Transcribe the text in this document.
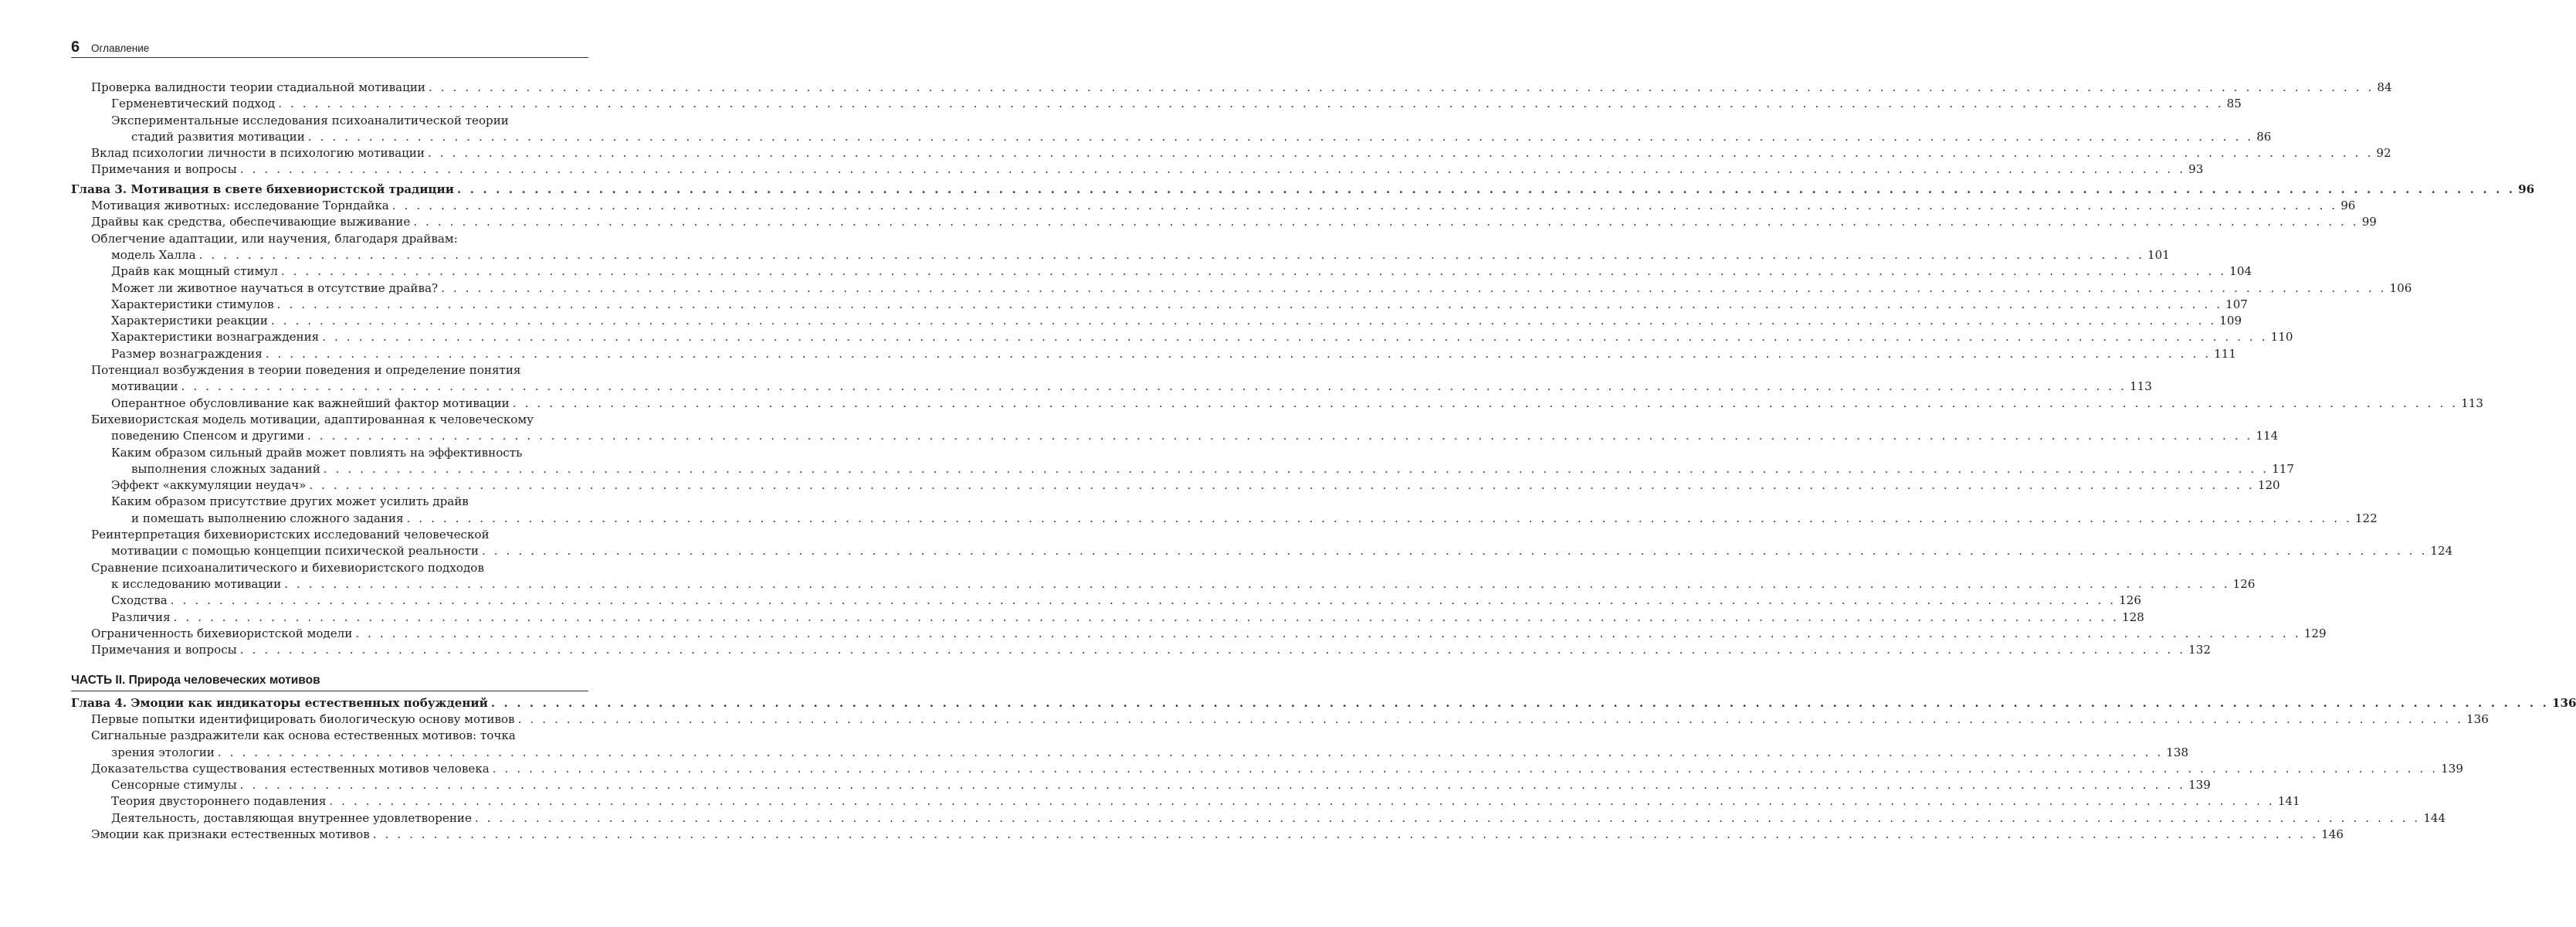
6 Оглавление
Проверка валидности теории стадиальной мотивации . . . . . . . . . . . . . . . . . . . . . . . . . . . . . . . . . . . . . . . . . . . . . . . . . . . . . . . . . . . . . . . . . . . . . . . . . . . . . . . . . . . . . . . . . . . . . . . . . . . . . . . . . . . . . . . . . . . . . . . . . . . . . . . . . . . . . . . . . . . . . . . . . . . . . . . . . . . . . . . . 84
Герменевтический подход . . . . . . . . . . . . . . . . . . . . . . . . . . . . . . . . . . . . . . . . . . . . . . . . . . . . . . . . . . . . . . . . . . . . . . . . . . . . . . . . . . . . . . . . . . . . . . . . . . . . . . . . . . . . . . . . . . . . . . . . . . . . . . . . . . . . . . . . . . . . . . . . . . . . . . . . . . . . . . . . 85
Экспериментальные исследования психоаналитической теории
стадий развития мотивации . . . . . . . . . . . . . . . . . . . . . . . . . . . . . . . . . . . . . . . . . . . . . . . . . . . . . . . . . . . . . . . . . . . . . . . . . . . . . . . . . . . . . . . . . . . . . . . . . . . . . . . . . . . . . . . . . . . . . . . . . . . . . . . . . . . . . . . . . . . . . . . . . . . . . . . . . . . . . . . . 86
Вклад психологии личности в психологию мотивации . . . . . . . . . . . . . . . . . . . . . . . . . . . . . . . . . . . . . . . . . . . . . . . . . . . . . . . . . . . . . . . . . . . . . . . . . . . . . . . . . . . . . . . . . . . . . . . . . . . . . . . . . . . . . . . . . . . . . . . . . . . . . . . . . . . . . . . . . . . . . . . . . . . . . . . . . . . . . . . . 92
Примечания и вопросы . . . . . . . . . . . . . . . . . . . . . . . . . . . . . . . . . . . . . . . . . . . . . . . . . . . . . . . . . . . . . . . . . . . . . . . . . . . . . . . . . . . . . . . . . . . . . . . . . . . . . . . . . . . . . . . . . . . . . . . . . . . . . . . . . . . . . . . . . . . . . . . . . . . . . . . . . . . . . . . . 93
Глава 3. Мотивация в свете бихевиористской традиции . . . . . . . . . . . . . . . . . . . . . . . . . . . . . . . . . . . . . . . . . . . . . . . . . . . . . . . . . . . . . . . . . . . . . . . . . . . . . . . . . . . . . . . . . . . . . . . . . . . . . . . . . . . . . . . . . . . . . . . . . . . . . . . . . . . . . . . . . . . . . . . . . . . . . . . . . . . . . . . . 96
Мотивация животных: исследование Торндайка . . . . . . . . . . . . . . . . . . . . . . . . . . . . . . . . . . . . . . . . . . . . . . . . . . . . . . . . . . . . . . . . . . . . . . . . . . . . . . . . . . . . . . . . . . . . . . . . . . . . . . . . . . . . . . . . . . . . . . . . . . . . . . . . . . . . . . . . . . . . . . . . . . . . . . . . . . . . . . . . 96
Драйвы как средства, обеспечивающие выживание . . . . . . . . . . . . . . . . . . . . . . . . . . . . . . . . . . . . . . . . . . . . . . . . . . . . . . . . . . . . . . . . . . . . . . . . . . . . . . . . . . . . . . . . . . . . . . . . . . . . . . . . . . . . . . . . . . . . . . . . . . . . . . . . . . . . . . . . . . . . . . . . . . . . . . . . . . . . . . . . 99
Облегчение адаптации, или научения, благодаря драйвам:
модель Халла . . . . . . . . . . . . . . . . . . . . . . . . . . . . . . . . . . . . . . . . . . . . . . . . . . . . . . . . . . . . . . . . . . . . . . . . . . . . . . . . . . . . . . . . . . . . . . . . . . . . . . . . . . . . . . . . . . . . . . . . . . . . . . . . . . . . . . . . . . . . . . . . . . . . . . . . . . . . . . . . 101
Драйв как мощный стимул . . . . . . . . . . . . . . . . . . . . . . . . . . . . . . . . . . . . . . . . . . . . . . . . . . . . . . . . . . . . . . . . . . . . . . . . . . . . . . . . . . . . . . . . . . . . . . . . . . . . . . . . . . . . . . . . . . . . . . . . . . . . . . . . . . . . . . . . . . . . . . . . . . . . . . . . . . . . . . . . 104
Может ли животное научаться в отсутствие драйва? . . . . . . . . . . . . . . . . . . . . . . . . . . . . . . . . . . . . . . . . . . . . . . . . . . . . . . . . . . . . . . . . . . . . . . . . . . . . . . . . . . . . . . . . . . . . . . . . . . . . . . . . . . . . . . . . . . . . . . . . . . . . . . . . . . . . . . . . . . . . . . . . . . . . . . . . . . . . . . . . 106
Характеристики стимулов . . . . . . . . . . . . . . . . . . . . . . . . . . . . . . . . . . . . . . . . . . . . . . . . . . . . . . . . . . . . . . . . . . . . . . . . . . . . . . . . . . . . . . . . . . . . . . . . . . . . . . . . . . . . . . . . . . . . . . . . . . . . . . . . . . . . . . . . . . . . . . . . . . . . . . . . . . . . . . . . 107
Характеристики реакции . . . . . . . . . . . . . . . . . . . . . . . . . . . . . . . . . . . . . . . . . . . . . . . . . . . . . . . . . . . . . . . . . . . . . . . . . . . . . . . . . . . . . . . . . . . . . . . . . . . . . . . . . . . . . . . . . . . . . . . . . . . . . . . . . . . . . . . . . . . . . . . . . . . . . . . . . . . . . . . . 109
Характеристики вознаграждения . . . . . . . . . . . . . . . . . . . . . . . . . . . . . . . . . . . . . . . . . . . . . . . . . . . . . . . . . . . . . . . . . . . . . . . . . . . . . . . . . . . . . . . . . . . . . . . . . . . . . . . . . . . . . . . . . . . . . . . . . . . . . . . . . . . . . . . . . . . . . . . . . . . . . . . . . . . . . . . . 110
Размер вознаграждения . . . . . . . . . . . . . . . . . . . . . . . . . . . . . . . . . . . . . . . . . . . . . . . . . . . . . . . . . . . . . . . . . . . . . . . . . . . . . . . . . . . . . . . . . . . . . . . . . . . . . . . . . . . . . . . . . . . . . . . . . . . . . . . . . . . . . . . . . . . . . . . . . . . . . . . . . . . . . . . . 111
Потенциал возбуждения в теории поведения и определение понятия
мотивации . . . . . . . . . . . . . . . . . . . . . . . . . . . . . . . . . . . . . . . . . . . . . . . . . . . . . . . . . . . . . . . . . . . . . . . . . . . . . . . . . . . . . . . . . . . . . . . . . . . . . . . . . . . . . . . . . . . . . . . . . . . . . . . . . . . . . . . . . . . . . . . . . . . . . . . . . . . . . . . . 113
Оперантное обусловливание как важнейший фактор мотивации . . . . . . . . . . . . . . . . . . . . . . . . . . . . . . . . . . . . . . . . . . . . . . . . . . . . . . . . . . . . . . . . . . . . . . . . . . . . . . . . . . . . . . . . . . . . . . . . . . . . . . . . . . . . . . . . . . . . . . . . . . . . . . . . . . . . . . . . . . . . . . . . . . . . . . . . . . . . . . . . 113
Бихевиористская модель мотивации, адаптированная к человеческому
поведению Спенсом и другими . . . . . . . . . . . . . . . . . . . . . . . . . . . . . . . . . . . . . . . . . . . . . . . . . . . . . . . . . . . . . . . . . . . . . . . . . . . . . . . . . . . . . . . . . . . . . . . . . . . . . . . . . . . . . . . . . . . . . . . . . . . . . . . . . . . . . . . . . . . . . . . . . . . . . . . . . . . . . . . . 114
Каким образом сильный драйв может повлиять на эффективность
выполнения сложных заданий . . . . . . . . . . . . . . . . . . . . . . . . . . . . . . . . . . . . . . . . . . . . . . . . . . . . . . . . . . . . . . . . . . . . . . . . . . . . . . . . . . . . . . . . . . . . . . . . . . . . . . . . . . . . . . . . . . . . . . . . . . . . . . . . . . . . . . . . . . . . . . . . . . . . . . . . . . . . . . . . 117
Эффект «аккумуляции неудач» . . . . . . . . . . . . . . . . . . . . . . . . . . . . . . . . . . . . . . . . . . . . . . . . . . . . . . . . . . . . . . . . . . . . . . . . . . . . . . . . . . . . . . . . . . . . . . . . . . . . . . . . . . . . . . . . . . . . . . . . . . . . . . . . . . . . . . . . . . . . . . . . . . . . . . . . . . . . . . . . 120
Каким образом присутствие других может усилить драйв
и помешать выполнению сложного задания . . . . . . . . . . . . . . . . . . . . . . . . . . . . . . . . . . . . . . . . . . . . . . . . . . . . . . . . . . . . . . . . . . . . . . . . . . . . . . . . . . . . . . . . . . . . . . . . . . . . . . . . . . . . . . . . . . . . . . . . . . . . . . . . . . . . . . . . . . . . . . . . . . . . . . . . . . . . . . . . 122
Реинтерпретация бихевиористских исследований человеческой
мотивации с помощью концепции психической реальности . . . . . . . . . . . . . . . . . . . . . . . . . . . . . . . . . . . . . . . . . . . . . . . . . . . . . . . . . . . . . . . . . . . . . . . . . . . . . . . . . . . . . . . . . . . . . . . . . . . . . . . . . . . . . . . . . . . . . . . . . . . . . . . . . . . . . . . . . . . . . . . . . . . . . . . . . . . . . . . . 124
Сравнение психоаналитического и бихевиористского подходов
к исследованию мотивации . . . . . . . . . . . . . . . . . . . . . . . . . . . . . . . . . . . . . . . . . . . . . . . . . . . . . . . . . . . . . . . . . . . . . . . . . . . . . . . . . . . . . . . . . . . . . . . . . . . . . . . . . . . . . . . . . . . . . . . . . . . . . . . . . . . . . . . . . . . . . . . . . . . . . . . . . . . . . . . . 126
Сходства . . . . . . . . . . . . . . . . . . . . . . . . . . . . . . . . . . . . . . . . . . . . . . . . . . . . . . . . . . . . . . . . . . . . . . . . . . . . . . . . . . . . . . . . . . . . . . . . . . . . . . . . . . . . . . . . . . . . . . . . . . . . . . . . . . . . . . . . . . . . . . . . . . . . . . . . . . . . . . . . 126
Различия . . . . . . . . . . . . . . . . . . . . . . . . . . . . . . . . . . . . . . . . . . . . . . . . . . . . . . . . . . . . . . . . . . . . . . . . . . . . . . . . . . . . . . . . . . . . . . . . . . . . . . . . . . . . . . . . . . . . . . . . . . . . . . . . . . . . . . . . . . . . . . . . . . . . . . . . . . . . . . . . 128
Ограниченность бихевиористской модели . . . . . . . . . . . . . . . . . . . . . . . . . . . . . . . . . . . . . . . . . . . . . . . . . . . . . . . . . . . . . . . . . . . . . . . . . . . . . . . . . . . . . . . . . . . . . . . . . . . . . . . . . . . . . . . . . . . . . . . . . . . . . . . . . . . . . . . . . . . . . . . . . . . . . . . . . . . . . . . . 129
Примечания и вопросы . . . . . . . . . . . . . . . . . . . . . . . . . . . . . . . . . . . . . . . . . . . . . . . . . . . . . . . . . . . . . . . . . . . . . . . . . . . . . . . . . . . . . . . . . . . . . . . . . . . . . . . . . . . . . . . . . . . . . . . . . . . . . . . . . . . . . . . . . . . . . . . . . . . . . . . . . . . . . . . . 132
ЧАСТЬ II. Природа человеческих мотивов
Глава 4. Эмоции как индикаторы естественных побуждений . . . . . . . . . . . . . . . . . . . . . . . . . . . . . . . . . . . . . . . . . . . . . . . . . . . . . . . . . . . . . . . . . . . . . . . . . . . . . . . . . . . . . . . . . . . . . . . . . . . . . . . . . . . . . . . . . . . . . . . . . . . . . . . . . . . . . . . . . . . . . . . . . . . . . . . . . . . . . . . . 136
Первые попытки идентифицировать биологическую основу мотивов . . . . . . . . . . . . . . . . . . . . . . . . . . . . . . . . . . . . . . . . . . . . . . . . . . . . . . . . . . . . . . . . . . . . . . . . . . . . . . . . . . . . . . . . . . . . . . . . . . . . . . . . . . . . . . . . . . . . . . . . . . . . . . . . . . . . . . . . . . . . . . . . . . . . . . . . . . . . . . . . 136
Сигнальные раздражители как основа естественных мотивов: точка
зрения этологии . . . . . . . . . . . . . . . . . . . . . . . . . . . . . . . . . . . . . . . . . . . . . . . . . . . . . . . . . . . . . . . . . . . . . . . . . . . . . . . . . . . . . . . . . . . . . . . . . . . . . . . . . . . . . . . . . . . . . . . . . . . . . . . . . . . . . . . . . . . . . . . . . . . . . . . . . . . . . . . . 138
Доказательства существования естественных мотивов человека . . . . . . . . . . . . . . . . . . . . . . . . . . . . . . . . . . . . . . . . . . . . . . . . . . . . . . . . . . . . . . . . . . . . . . . . . . . . . . . . . . . . . . . . . . . . . . . . . . . . . . . . . . . . . . . . . . . . . . . . . . . . . . . . . . . . . . . . . . . . . . . . . . . . . . . . . . . . . . . . 139
Сенсорные стимулы . . . . . . . . . . . . . . . . . . . . . . . . . . . . . . . . . . . . . . . . . . . . . . . . . . . . . . . . . . . . . . . . . . . . . . . . . . . . . . . . . . . . . . . . . . . . . . . . . . . . . . . . . . . . . . . . . . . . . . . . . . . . . . . . . . . . . . . . . . . . . . . . . . . . . . . . . . . . . . . . 139
Теория двустороннего подавления . . . . . . . . . . . . . . . . . . . . . . . . . . . . . . . . . . . . . . . . . . . . . . . . . . . . . . . . . . . . . . . . . . . . . . . . . . . . . . . . . . . . . . . . . . . . . . . . . . . . . . . . . . . . . . . . . . . . . . . . . . . . . . . . . . . . . . . . . . . . . . . . . . . . . . . . . . . . . . . . 141
Деятельность, доставляющая внутреннее удовлетворение . . . . . . . . . . . . . . . . . . . . . . . . . . . . . . . . . . . . . . . . . . . . . . . . . . . . . . . . . . . . . . . . . . . . . . . . . . . . . . . . . . . . . . . . . . . . . . . . . . . . . . . . . . . . . . . . . . . . . . . . . . . . . . . . . . . . . . . . . . . . . . . . . . . . . . . . . . . . . . . . 144
Эмоции как признаки естественных мотивов . . . . . . . . . . . . . . . . . . . . . . . . . . . . . . . . . . . . . . . . . . . . . . . . . . . . . . . . . . . . . . . . . . . . . . . . . . . . . . . . . . . . . . . . . . . . . . . . . . . . . . . . . . . . . . . . . . . . . . . . . . . . . . . . . . . . . . . . . . . . . . . . . . . . . . . . . . . . . . . . 146
